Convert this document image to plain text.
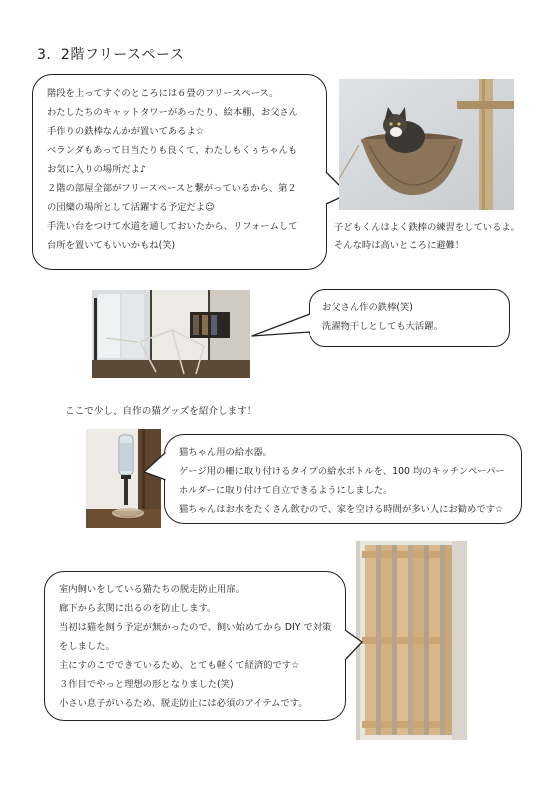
3．2階フリースペース
階段を上ってすぐのところには６畳のフリースペース。
わたしたちのキャットタワーがあったり、絵本棚、お父さん
手作りの鉄棒なんかが置いてあるよ☆
ベランダもあって日当たりも良くて、わたしもくぅちゃんも
お気に入りの場所だよ♪
２階の部屋全部がフリースペースと繋がっているから、第２
の団欒の場所として活躍する予定だよ☺
手洗い台をつけて水道を通しておいたから、リフォームして
台所を置いてもいいかもね(笑)
子どもくんはよく鉄棒の練習をしているよ。
そんな時は高いところに避難！
お父さん作の鉄棒(笑)
洗濯物干しとしても大活躍。
ここで少し、自作の猫グッズを紹介します！
猫ちゃん用の給水器。
ゲージ用の柵に取り付けるタイプの給水ボトルを、100 均のキッチンペーパー
ホルダーに取り付けて自立できるようにしました。
猫ちゃんはお水をたくさん飲むので、家を空ける時間が多い人にお勧めです☆
室内飼いをしている猫たちの脱走防止用扉。
廊下から玄関に出るのを防止します。
当初は猫を飼う予定が無かったので、飼い始めてから DIY で対策
をしました。
主にすのこでできているため、とても軽くて経済的です☆
３作目でやっと理想の形となりました(笑)
小さい息子がいるため、脱走防止には必須のアイテムです。
